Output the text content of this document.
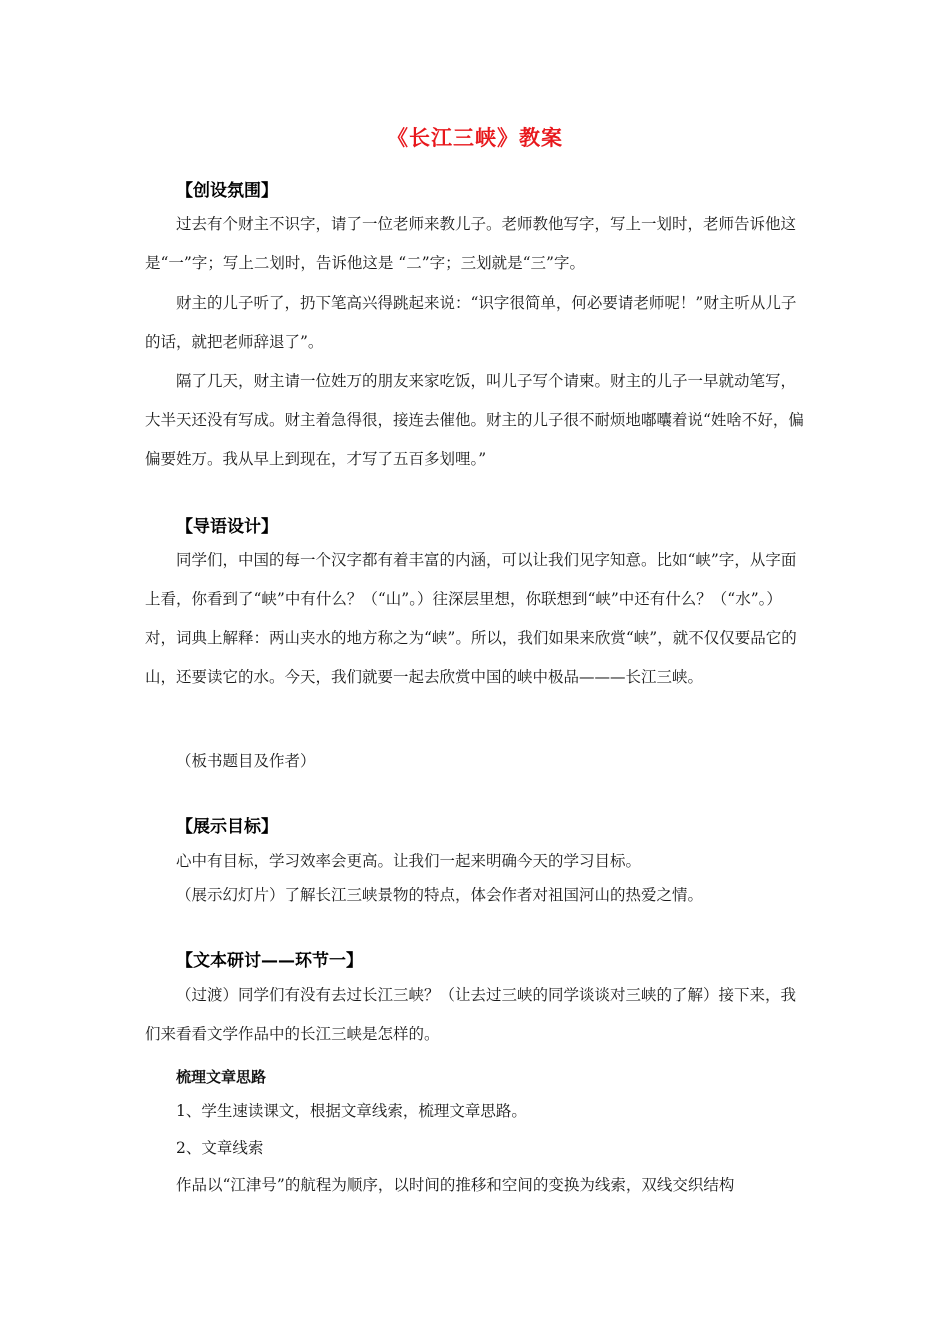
《长江三峡》教案
【创设氛围】
过去有个财主不识字，请了一位老师来教儿子。老师教他写字，写上一划时，老师告诉他这是“一”字；写上二划时，告诉他这是 “二”字；三划就是“三”字。
财主的儿子听了，扔下笔高兴得跳起来说：“识字很简单，何必要请老师呢！”财主听从儿子的话，就把老师辞退了”。
隔了几天，财主请一位姓万的朋友来家吃饭，叫儿子写个请柬。财主的儿子一早就动笔写，大半天还没有写成。财主着急得很，接连去催他。财主的儿子很不耐烦地嘟囔着说“姓啥不好，偏偏要姓万。我从早上到现在，才写了五百多划哩。”
【导语设计】
同学们，中国的每一个汉字都有着丰富的内涵，可以让我们见字知意。比如“峡”字，从字面上看，你看到了“峡”中有什么？（“山”。）往深层里想，你联想到“峡”中还有什么？（“水”。）对，词典上解释：两山夹水的地方称之为“峡”。所以，我们如果来欣赏“峡”，就不仅仅要品它的山，还要读它的水。今天，我们就要一起去欣赏中国的峡中极品———长江三峡。
（板书题目及作者）
【展示目标】
心中有目标，学习效率会更高。让我们一起来明确今天的学习目标。
（展示幻灯片）了解长江三峡景物的特点，体会作者对祖国河山的热爱之情。
【文本研讨——环节一】
（过渡）同学们有没有去过长江三峡？（让去过三峡的同学谈谈对三峡的了解）接下来，我们来看看文学作品中的长江三峡是怎样的。
梳理文章思路
1、学生速读课文，根据文章线索，梳理文章思路。
2、文章线索
作品以“江津号”的航程为顺序，以时间的推移和空间的变换为线索，双线交织结构
